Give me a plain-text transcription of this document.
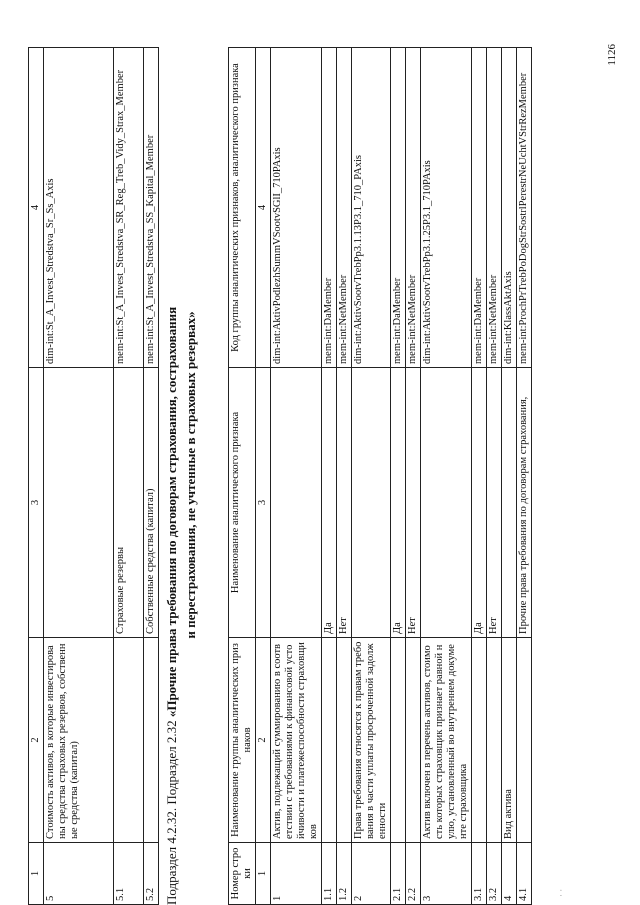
1	2	3	4
5	Стоимость активов, в которые инвестированы средства страховых резервов, собственные средства (капитал)		dim-int:St_A_Invest_Stredstva_Sr_Ss_Axis
5.1		Страховые резервы	mem-int:St_A_Invest_Stredstva_SR_Reg_Treb_Vidy_Strax_Member
5.2		Собственные средства (капитал)	mem-int:St_A_Invest_Stredstva_SS_Kapital_Member
Подраздел 4.2.32. Подраздел 2.32 «Прочие права требования по договорам страхования, сострахования и перестрахования, не учтенные в страховых резервах»
Номер строки	Наименование группы аналитических признаков	Наименование аналитического признака	Код группы аналитических признаков, аналитического признака
1	2	3	4
1	Актив, подлежащий суммированию в соответствии с требованиями к финансовой устойчивости и платежеспособности страховщиков		dim-int:AktivPodlezhSummVSootvSGlI_710PAxis
1.1		Да	mem-int:DaMember
1.2		Нет	mem-int:NetMember
2	Права требования относятся к правам требования в части уплаты просроченной задолженности		dim-int:AktivSootvTrebPp3.1.13P3.1_710_PAxis
2.1		Да	mem-int:DaMember
2.2		Нет	mem-int:NetMember
3	Актив включен в перечень активов, стоимость которых страховщик признает равной нулю, установленный во внутреннем документе страховщика		dim-int:AktivSootvTrebPp3.1.25P3.1_710PAxis
3.1		Да	mem-int:DaMember
3.2		Нет	mem-int:NetMember
4	Вид актива		dim-int:KlassAktAxis
4.1		Прочие права требования по договорам страхования,	mem-int:ProchPrTrebPoDogStrSostrlPerestrNeUchtVStrRezMember
1126
· ·
